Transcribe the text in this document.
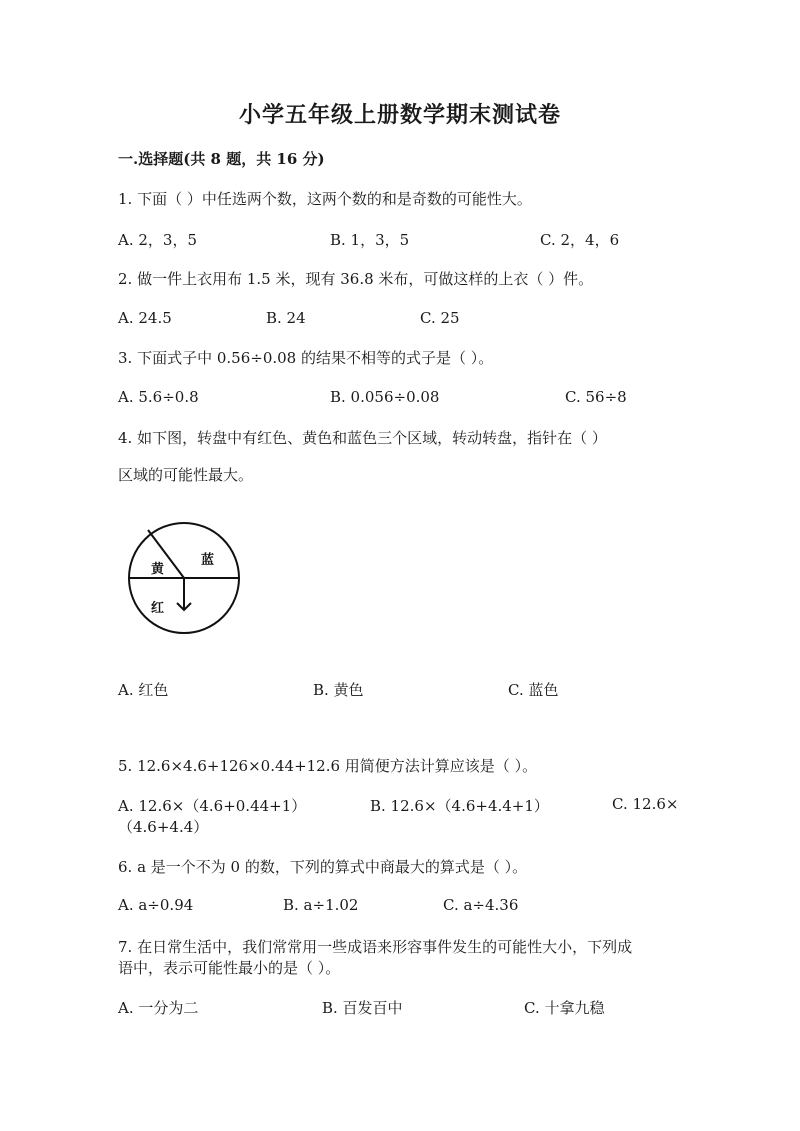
小学五年级上册数学期末测试卷
一.选择题(共 8 题，共 16 分)
1. 下面（ ）中任选两个数，这两个数的和是奇数的可能性大。
A. 2，3，5	B. 1，3，5	C. 2，4，6
2. 做一件上衣用布 1.5 米，现有 36.8 米布，可做这样的上衣（ ）件。
A. 24.5	B. 24	C. 25
3. 下面式子中 0.56÷0.08 的结果不相等的式子是（ ）。
A. 5.6÷0.8	B. 0.056÷0.08	C. 56÷8
4. 如下图，转盘中有红色、黄色和蓝色三个区域，转动转盘，指针在（ ）
区域的可能性最大。
黄
蓝
红
A. 红色	B. 黄色	C. 蓝色
5. 12.6×4.6+126×0.44+12.6 用简便方法计算应该是（ ）。
A. 12.6×（4.6+0.44+1）	B. 12.6×（4.6+4.4+1）	C. 12.6×
（4.6+4.4）
6. a 是一个不为 0 的数，下列的算式中商最大的算式是（ ）。
A. a÷0.94	B. a÷1.02	C. a÷4.36
7. 在日常生活中，我们常常用一些成语来形容事件发生的可能性大小，下列成
语中，表示可能性最小的是（ ）。
A. 一分为二	B. 百发百中	C. 十拿九稳
